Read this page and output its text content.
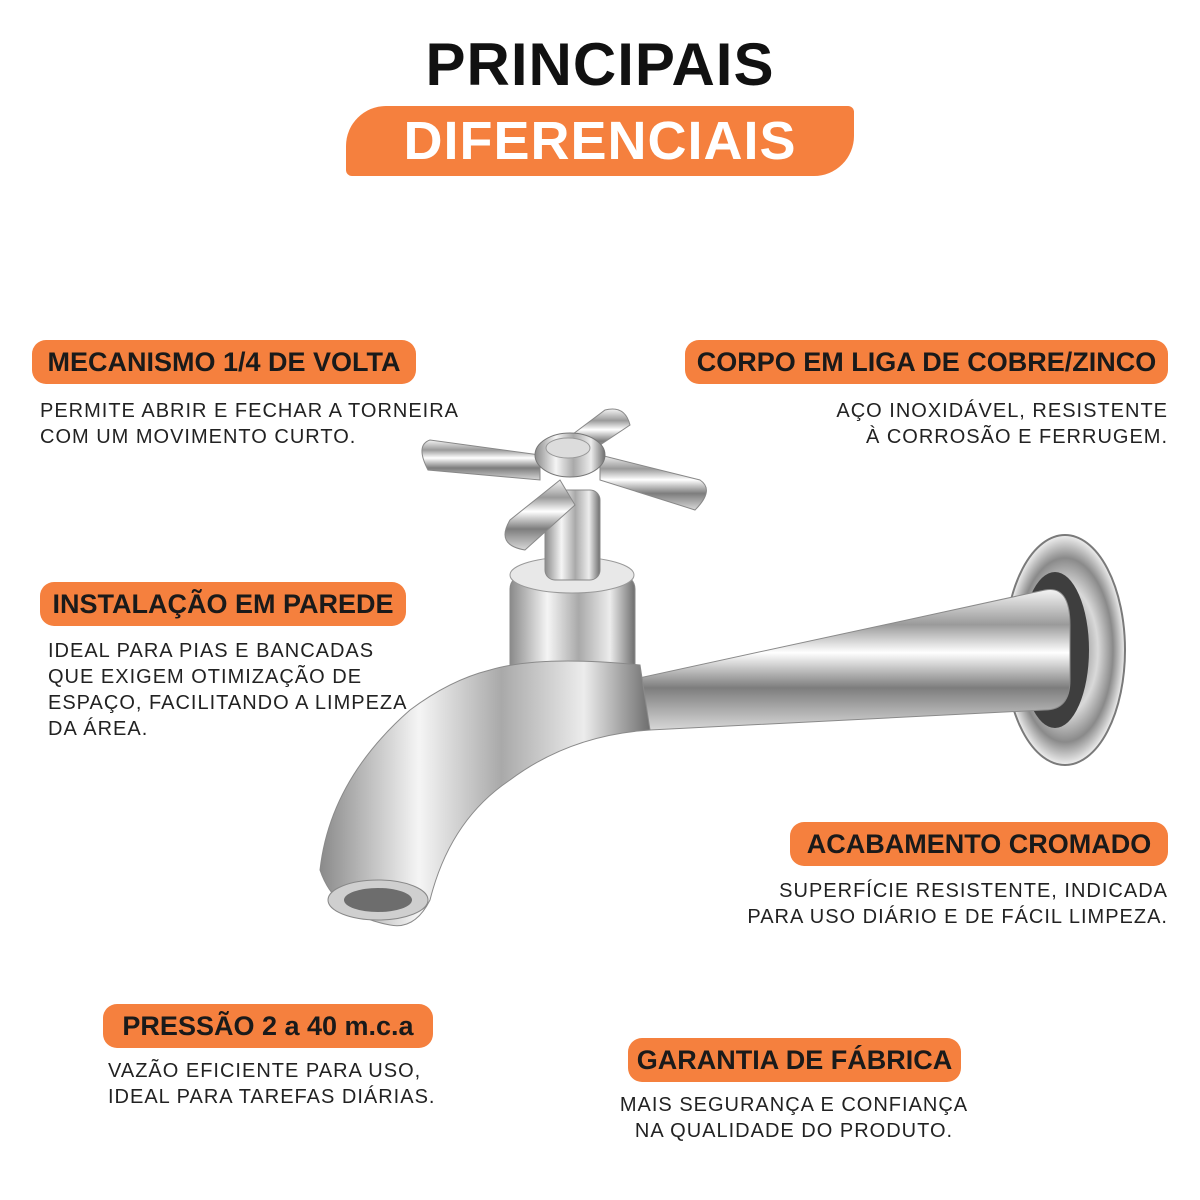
PRINCIPAIS
DIFERENCIAIS
MECANISMO 1/4 DE VOLTA
PERMITE ABRIR E FECHAR A TORNEIRA
COM UM MOVIMENTO CURTO.
CORPO EM LIGA DE COBRE/ZINCO
AÇO INOXIDÁVEL, RESISTENTE
À CORROSÃO E FERRUGEM.
INSTALAÇÃO EM PAREDE
IDEAL PARA PIAS E BANCADAS
QUE EXIGEM OTIMIZAÇÃO DE
ESPAÇO, FACILITANDO A LIMPEZA
DA ÁREA.
ACABAMENTO CROMADO
SUPERFÍCIE RESISTENTE, INDICADA
PARA USO DIÁRIO E DE FÁCIL LIMPEZA.
PRESSÃO 2 a 40 m.c.a
VAZÃO EFICIENTE PARA USO,
IDEAL PARA TAREFAS DIÁRIAS.
GARANTIA DE FÁBRICA
MAIS SEGURANÇA E CONFIANÇA
NA QUALIDADE DO PRODUTO.
